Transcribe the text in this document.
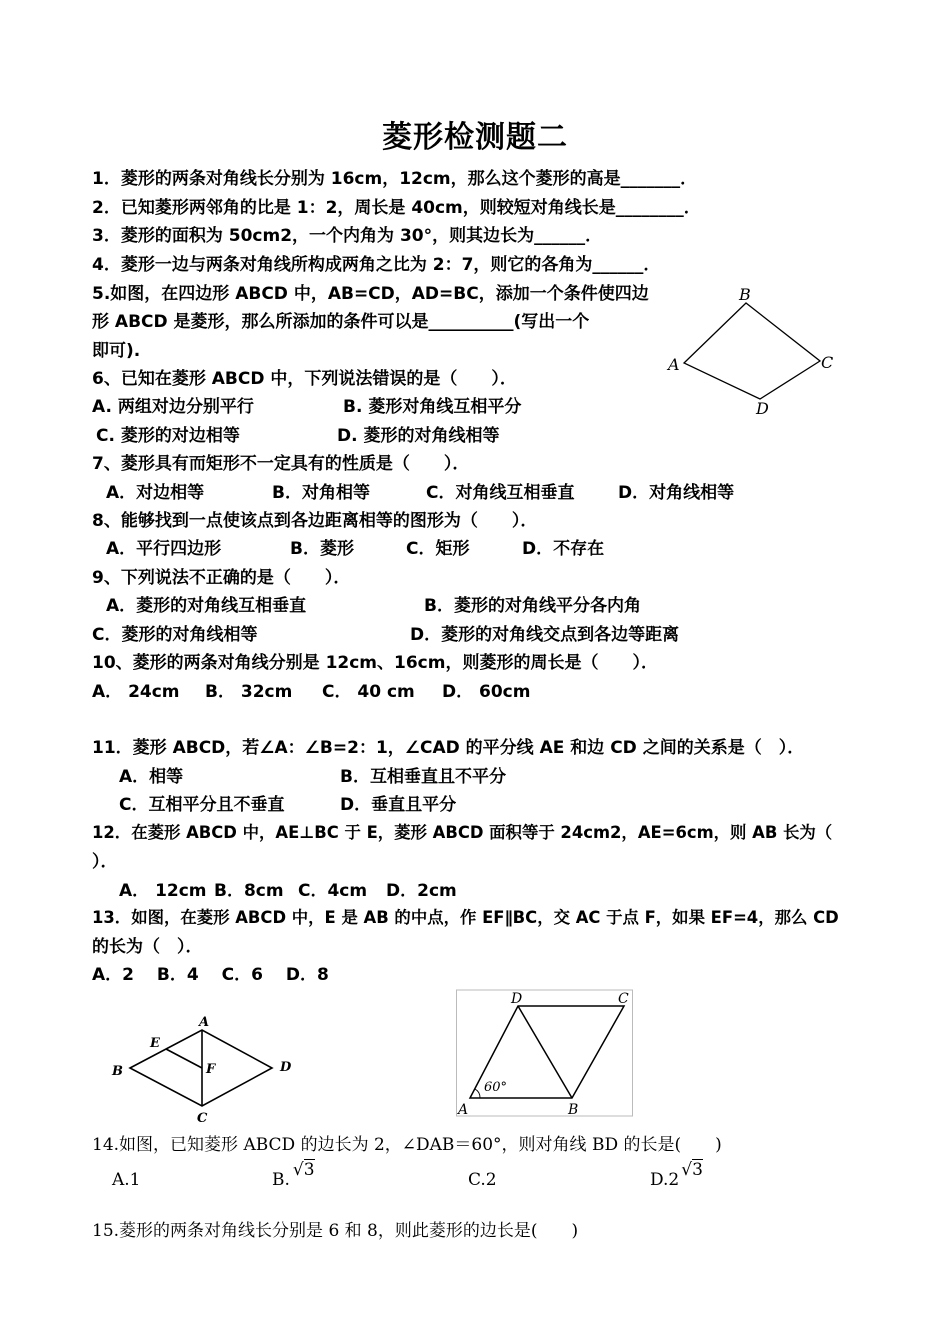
菱形检测题二
1．菱形的两条对角线长分别为 16cm，12cm，那么这个菱形的高是_______．
2．已知菱形两邻角的比是 1：2，周长是 40cm，则较短对角线长是________．
3．菱形的面积为 50cm2，一个内角为 30°，则其边长为______．
4．菱形一边与两条对角线所构成两角之比为 2：7，则它的各角为______．
5.如图，在四边形 ABCD 中，AB=CD，AD=BC，添加一个条件使四边
形 ABCD 是菱形，那么所添加的条件可以是__________(写出一个
即可).
B
A	C
D
6、已知在菱形 ABCD 中，下列说法错误的是（　　）．
A. 两组对边分别平行	B. 菱形对角线互相平分
C. 菱形的对边相等	D. 菱形的对角线相等
7、菱形具有而矩形不一定具有的性质是（　　）．
A．对边相等	B．对角相等	C．对角线互相垂直	D．对角线相等
8、能够找到一点使该点到各边距离相等的图形为（　　）．
A．平行四边形	B．菱形	C．矩形	D．不存在
9、下列说法不正确的是（　　）．
A．菱形的对角线互相垂直	B．菱形的对角线平分各内角
C．菱形的对角线相等	D．菱形的对角线交点到各边等距离
10、菱形的两条对角线分别是 12cm、16cm，则菱形的周长是（　　）．
A． 24cm B． 32cm C． 40 cm D． 60cm
11．菱形 ABCD，若∠A：∠B=2：1，∠CAD 的平分线 AE 和边 CD 之间的关系是（　）．
A．相等	B．互相垂直且不平分
C．互相平分且不垂直	D．垂直且平分
12．在菱形 ABCD 中，AE⊥BC 于 E，菱形 ABCD 面积等于 24cm2，AE=6cm，则 AB 长为（
）．
A． 12cm B．8cm C．4cm D．2cm
13．如图，在菱形 ABCD 中，E 是 AB 的中点，作 EF∥BC，交 AC 于点 F，如果 EF=4，那么 CD
的长为（　）．
A．2　 B．4　 C．6　 D．8
A
E
B	F	D
C
D	C
A	B
60°
14.如图，已知菱形 ABCD 的边长为 2，∠DAB＝60°，则对角线 BD 的长是(　　)
A.1	B. √3	C.2	D.2 √3
15.菱形的两条对角线长分别是 6 和 8，则此菱形的边长是(　　)
